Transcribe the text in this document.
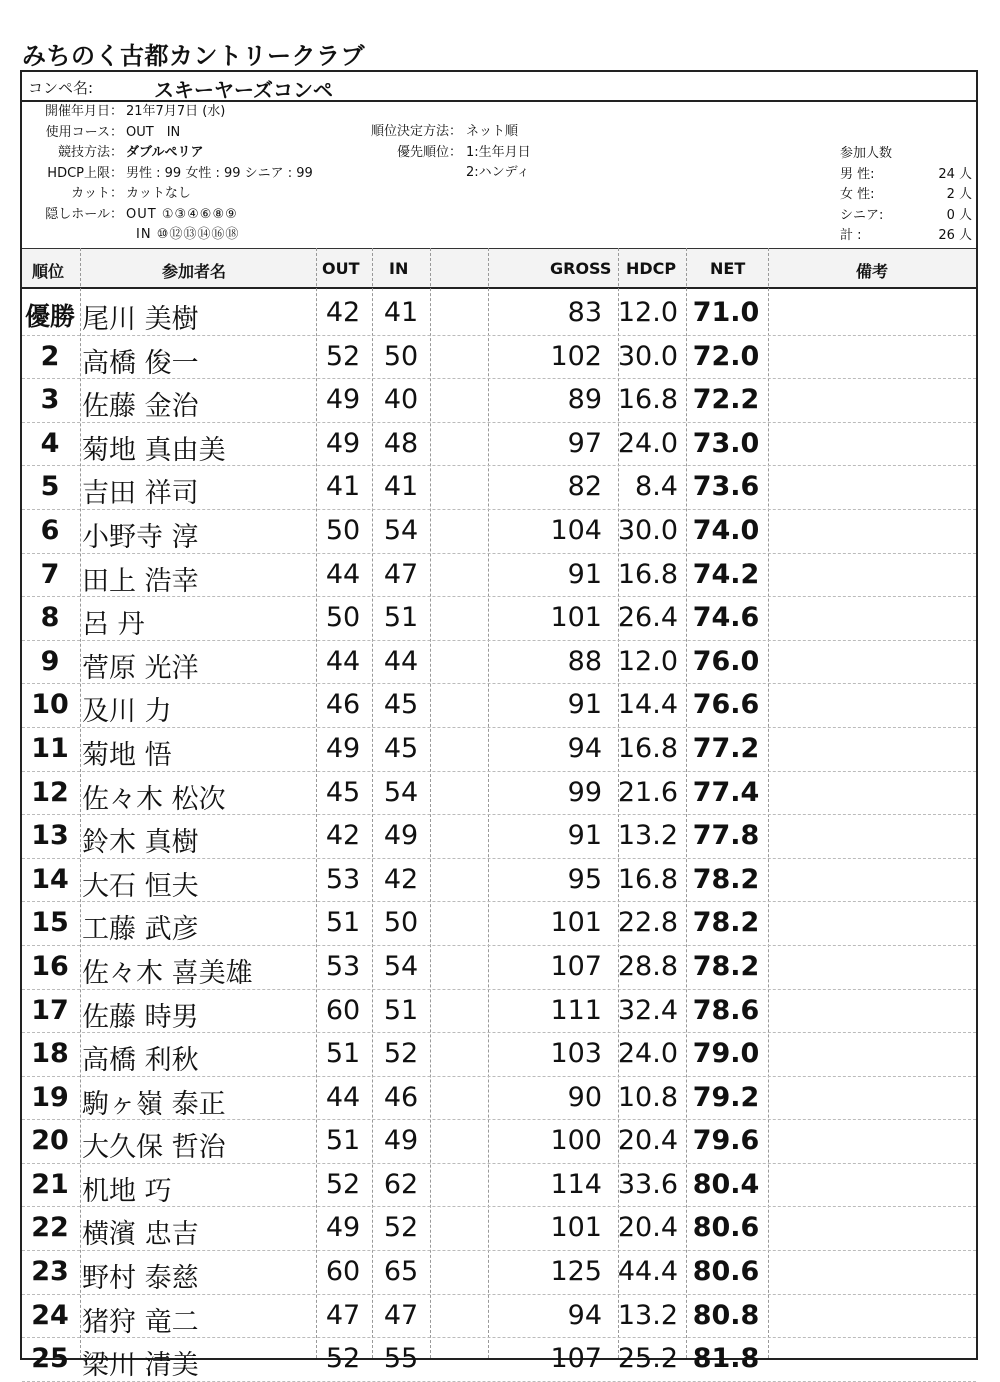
みちのく古都カントリークラブ
コンペ名:	スキーヤーズコンペ
開催年月日： 21年7月7日 (水)
使用コース： OUT　IN
競技方法： ダブルペリア
HDCP上限： 男性 : 99 女性 : 99 シニア : 99
カット： カットなし
隠しホール： OUT ①③④⑥⑧⑨
IN ⑩⑫⑬⑭⑯⑱
順位決定方法： ネット順
優先順位： 1:生年月日
2:ハンディ
参加人数
男 性:	24 人
女 性:	2 人
シニア:	0 人
計 :	26 人
順位	参加者名	OUT IN	GROSS HDCP NET	備考
優勝 尾川 美樹	42 41	83 12.0 71.0
2 高橋 俊一	52 50	102 30.0 72.0
3 佐藤 金治	49 40	89 16.8 72.2
4 菊地 真由美	49 48	97 24.0 73.0
5 吉田 祥司	41 41	82	8.4 73.6
6 小野寺 淳	50 54	104 30.0 74.0
7 田上 浩幸	44 47	91 16.8 74.2
8 呂 丹	50 51	101 26.4 74.6
9 菅原 光洋	44 44	88 12.0 76.0
10 及川 力	46 45	91 14.4 76.6
11 菊地 悟	49 45	94 16.8 77.2
12 佐々木 松次	45 54	99 21.6 77.4
13 鈴木 真樹	42 49	91 13.2 77.8
14 大石 恒夫	53 42	95 16.8 78.2
15 工藤 武彦	51 50	101 22.8 78.2
16 佐々木 喜美雄	53 54	107 28.8 78.2
17 佐藤 時男	60 51	111 32.4 78.6
18 高橋 利秋	51 52	103 24.0 79.0
19 駒ヶ嶺 泰正	44 46	90 10.8 79.2
20 大久保 哲治	51 49	100 20.4 79.6
21 机地 巧	52 62	114 33.6 80.4
22 横濱 忠吉	49 52	101 20.4 80.6
23 野村 泰慈	60 65	125 44.4 80.6
24 猪狩 竜二	47 47	94 13.2 80.8
25 梁川 清美	52 55	107 25.2 81.8
